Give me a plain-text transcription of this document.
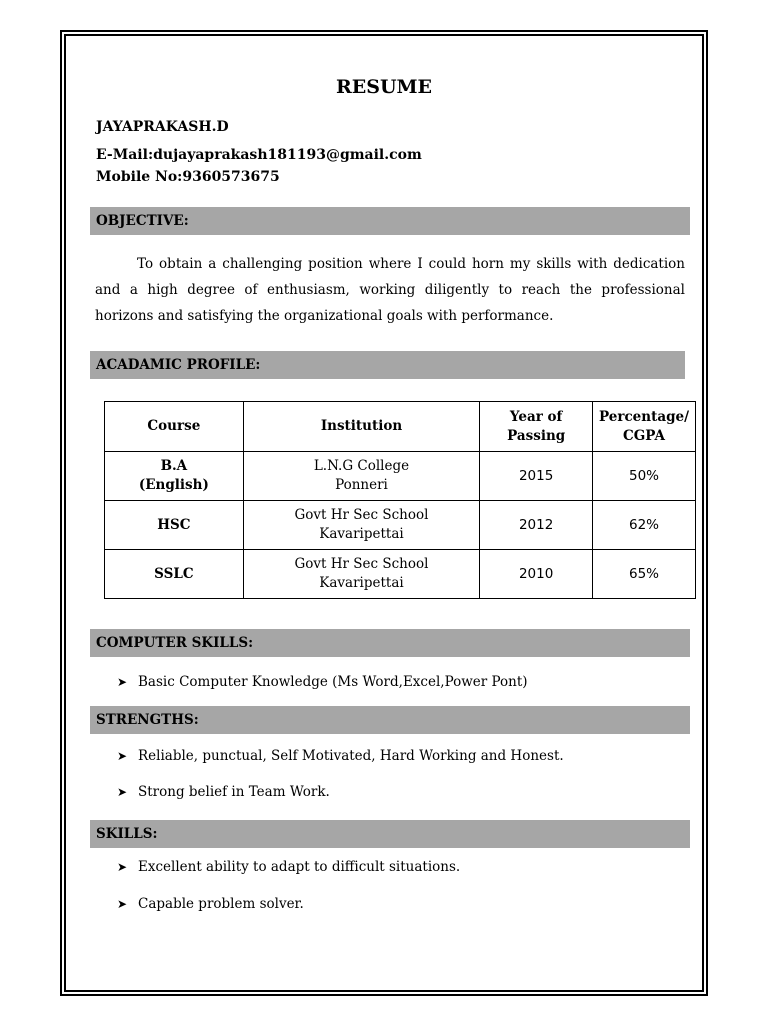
RESUME
JAYAPRAKASH.D
E-Mail:dujayaprakash181193@gmail.com
Mobile No:9360573675
OBJECTIVE:
To obtain a challenging position where I could horn my skills with dedication and a high degree of enthusiasm, working diligently to reach the professional horizons and satisfying the organizational goals with performance.
ACADAMIC PROFILE:
Course	Institution	Year of Passing	Percentage/ CGPA

B.A (English)	L.N.G College Ponneri	2015	50%
HSC	Govt Hr Sec School Kavaripettai	2012	62%
SSLC	Govt Hr Sec School Kavaripettai	2010	65%
COMPUTER SKILLS:
➤ Basic Computer Knowledge (Ms Word,Excel,Power Pont)
STRENGTHS:
➤ Reliable, punctual, Self Motivated, Hard Working and Honest.
➤ Strong belief in Team Work.
SKILLS:
➤ Excellent ability to adapt to difficult situations.
➤ Capable problem solver.
